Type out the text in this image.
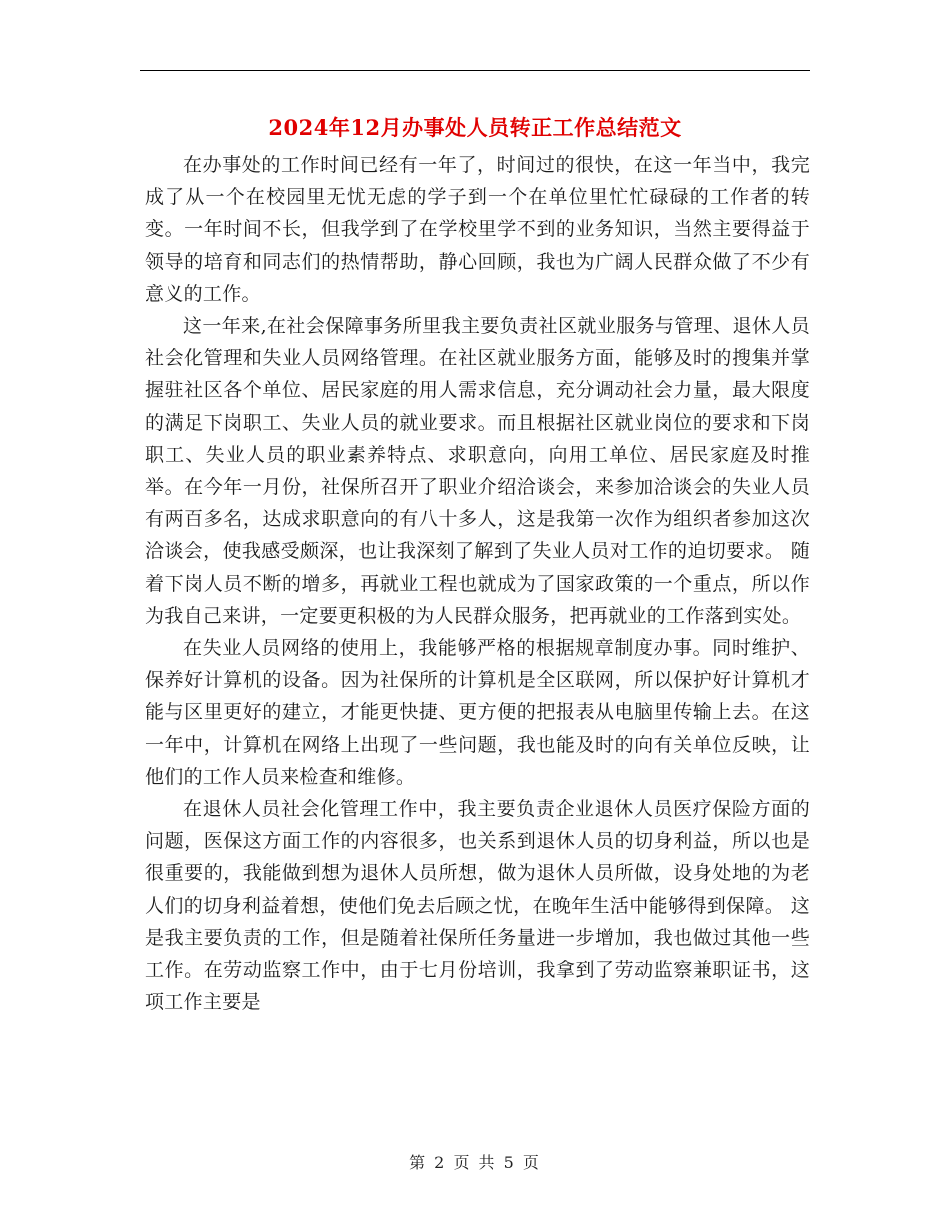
2024年12月办事处人员转正工作总结范文

在办事处的工作时间已经有一年了，时间过的很快，在这一年当中，我完成了从一个在校园里无忧无虑的学子到一个在单位里忙忙碌碌的工作者的转变。一年时间不长，但我学到了在学校里学不到的业务知识，当然主要得益于领导的培育和同志们的热情帮助，静心回顾，我也为广阔人民群众做了不少有意义的工作。

这一年来,在社会保障事务所里我主要负责社区就业服务与管理、退休人员社会化管理和失业人员网络管理。在社区就业服务方面，能够及时的搜集并掌握驻社区各个单位、居民家庭的用人需求信息，充分调动社会力量，最大限度的满足下岗职工、失业人员的就业要求。而且根据社区就业岗位的要求和下岗职工、失业人员的职业素养特点、求职意向，向用工单位、居民家庭及时推举。在今年一月份，社保所召开了职业介绍洽谈会，来参加洽谈会的失业人员有两百多名，达成求职意向的有八十多人，这是我第一次作为组织者参加这次洽谈会，使我感受颇深，也让我深刻了解到了失业人员对工作的迫切要求。 随着下岗人员不断的增多，再就业工程也就成为了国家政策的一个重点，所以作为我自己来讲，一定要更积极的为人民群众服务，把再就业的工作落到实处。

在失业人员网络的使用上，我能够严格的根据规章制度办事。同时维护、保养好计算机的设备。因为社保所的计算机是全区联网，所以保护好计算机才能与区里更好的建立，才能更快捷、更方便的把报表从电脑里传输上去。在这一年中，计算机在网络上出现了一些问题，我也能及时的向有关单位反映，让他们的工作人员来检查和维修。

在退休人员社会化管理工作中，我主要负责企业退休人员医疗保险方面的问题，医保这方面工作的内容很多，也关系到退休人员的切身利益，所以也是很重要的，我能做到想为退休人员所想，做为退休人员所做，设身处地的为老人们的切身利益着想，使他们免去后顾之忧，在晚年生活中能够得到保障。 这是我主要负责的工作，但是随着社保所任务量进一步增加，我也做过其他一些工作。在劳动监察工作中，由于七月份培训，我拿到了劳动监察兼职证书，这项工作主要是

第 2 页 共 5 页
